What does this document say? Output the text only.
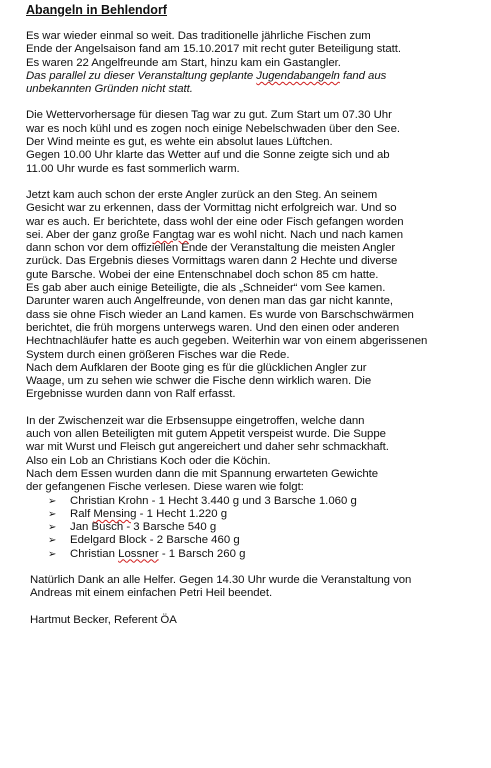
Abangeln in Behlendorf
Es war wieder einmal so weit. Das traditionelle jährliche Fischen zum
Ende der Angelsaison fand am 15.10.2017 mit recht guter Beteiligung statt.
Es waren 22 Angelfreunde am Start, hinzu kam ein Gastangler.
Das parallel zu dieser Veranstaltung geplante Jugendabangeln fand aus
unbekannten Gründen nicht statt.
Die Wettervorhersage für diesen Tag war zu gut. Zum Start um 07.30 Uhr
war es noch kühl und es zogen noch einige Nebelschwaden über den See.
Der Wind meinte es gut, es wehte ein absolut laues Lüftchen.
Gegen 10.00 Uhr klarte das Wetter auf und die Sonne zeigte sich und ab
11.00 Uhr wurde es fast sommerlich warm.
Jetzt kam auch schon der erste Angler zurück an den Steg. An seinem
Gesicht war zu erkennen, dass der Vormittag nicht erfolgreich war. Und so
war es auch. Er berichtete, dass wohl der eine oder Fisch gefangen worden
sei. Aber der ganz große Fangtag war es wohl nicht. Nach und nach kamen
dann schon vor dem offiziellen Ende der Veranstaltung die meisten Angler
zurück. Das Ergebnis dieses Vormittags waren dann 2 Hechte und diverse
gute Barsche. Wobei der eine Entenschnabel doch schon 85 cm hatte.
Es gab aber auch einige Beteiligte, die als „Schneider“ vom See kamen.
Darunter waren auch Angelfreunde, von denen man das gar nicht kannte,
dass sie ohne Fisch wieder an Land kamen. Es wurde von Barschschwärmen
berichtet, die früh morgens unterwegs waren. Und den einen oder anderen
Hechtnachläufer hatte es auch gegeben. Weiterhin war von einem abgerissenen
System durch einen größeren Fisches war die Rede.
Nach dem Aufklaren der Boote ging es für die glücklichen Angler zur
Waage, um zu sehen wie schwer die Fische denn wirklich waren. Die
Ergebnisse wurden dann von Ralf erfasst.
In der Zwischenzeit war die Erbsensuppe eingetroffen, welche dann
auch von allen Beteiligten mit gutem Appetit verspeist wurde. Die Suppe
war mit Wurst und Fleisch gut angereichert und daher sehr schmackhaft.
Also ein Lob an Christians Koch oder die Köchin.
Nach dem Essen wurden dann die mit Spannung erwarteten Gewichte
der gefangenen Fische verlesen. Diese waren wie folgt:
➢	Christian Krohn - 1 Hecht 3.440 g und 3 Barsche 1.060 g
➢	Ralf Mensing - 1 Hecht 1.220 g
➢	Jan Busch - 3 Barsche 540 g
➢	Edelgard Block - 2 Barsche 460 g
➢	Christian Lossner - 1 Barsch 260 g
Natürlich Dank an alle Helfer. Gegen 14.30 Uhr wurde die Veranstaltung von
Andreas mit einem einfachen Petri Heil beendet.
Hartmut Becker, Referent ÖA
